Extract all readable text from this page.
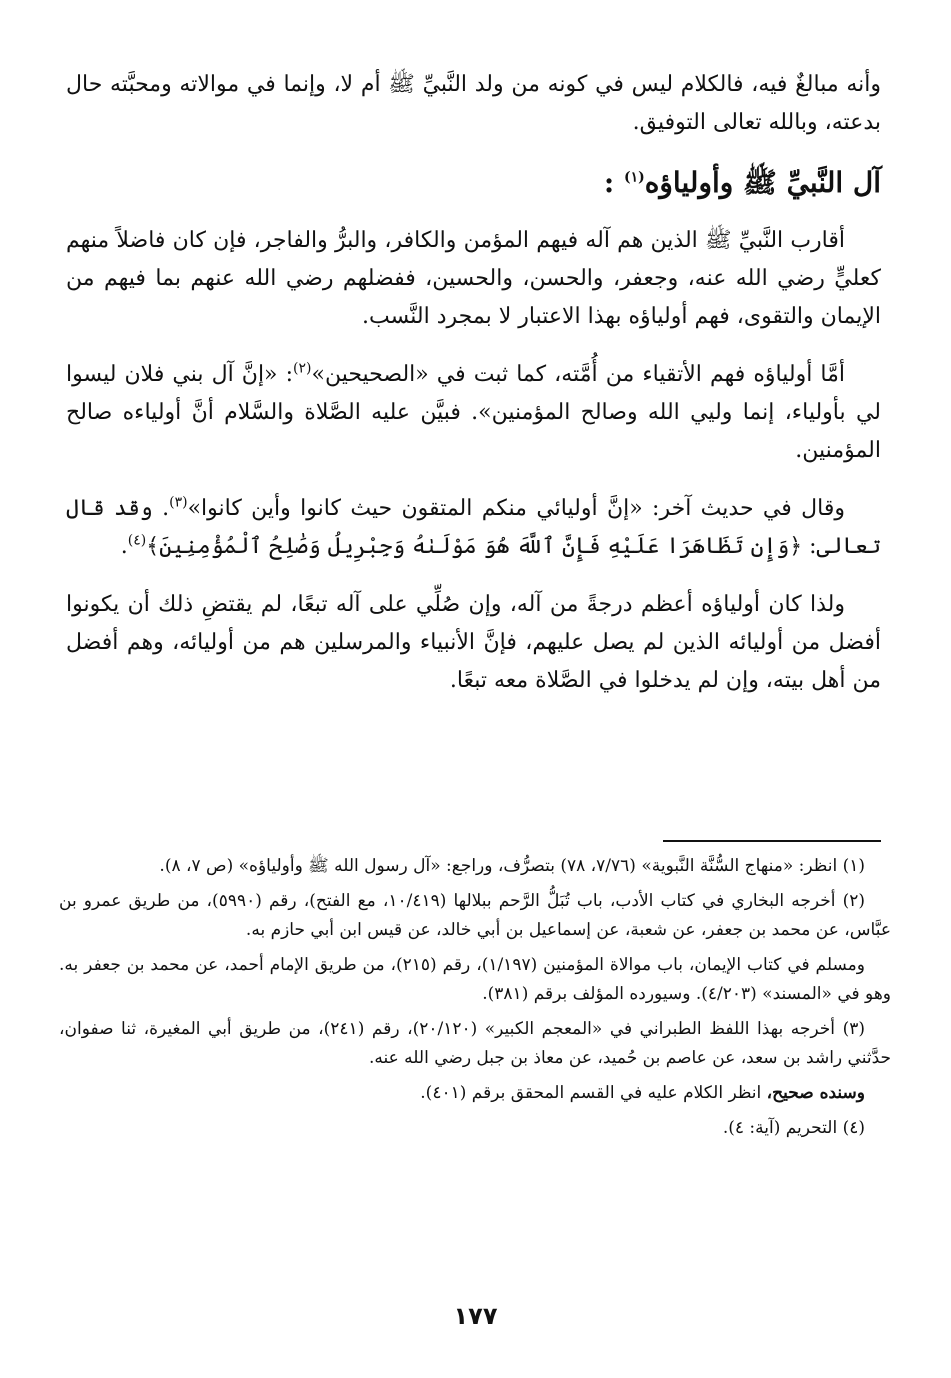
وأنه مبالغٌ فيه، فالكلام ليس في كونه من ولد النَّبيِّ ﷺ أم لا، وإنما في موالاته ومحبَّته حال بدعته، وبالله تعالى التوفيق.

آل النَّبيِّ ﷺ وأولياؤه$^{(١)}$ :

أقارب النَّبيِّ ﷺ الذين هم آله فيهم المؤمن والكافر، والبرُّ والفاجر، فإن كان فاضلاً منهم كعليٍّ رضي الله عنه، وجعفر، والحسن، والحسين، ففضلهم رضي الله عنهم بما فيهم من الإيمان والتقوى، فهم أولياؤه بهذا الاعتبار لا بمجرد النَّسب.

أمَّا أولياؤه فهم الأتقياء من أُمَّته، كما ثبت في «الصحيحين»$^{(٢)}$: «إنَّ آل بني فلان ليسوا لي بأولياء، إنما وليي الله وصالح المؤمنين». فبيَّن عليه الصَّلاة والسَّلام أنَّ أولياءه صالح المؤمنين.

وقال في حديث آخر: «إنَّ أوليائي منكم المتقون حيث كانوا وأين كانوا»$^{(٣)}$. وقد قال تعالى: ﴿وَإِن تَظَاهَرَا عَلَيْهِ فَإِنَّ ٱللَّهَ هُوَ مَوْلَىٰهُ وَجِبْرِيلُ وَصَٰلِحُ ٱلْمُؤْمِنِينَ﴾$^{(٤)}$.

ولذا كان أولياؤه أعظم درجةً من آله، وإن صُلِّي على آله تبعًا، لم يقتضِ ذلك أن يكونوا أفضل من أوليائه الذين لم يصل عليهم، فإنَّ الأنبياء والمرسلين هم من أوليائه، وهم أفضل من أهل بيته، وإن لم يدخلوا في الصَّلاة معه تبعًا.

(١) انظر: «منهاج السُّنَّة النَّبوية» (٧/٧٦، ٧٨) بتصرُّف، وراجع: «آل رسول الله ﷺ وأولياؤه» (ص ٧، ٨).

(٢) أخرجه البخاري في كتاب الأدب، باب تُبَلُّ الرَّحم ببلالها (١٠/٤١٩، مع الفتح)، رقم (٥٩٩٠)، من طريق عمرو بن عبَّاس، عن محمد بن جعفر، عن شعبة، عن إسماعيل بن أبي خالد، عن قيس ابن أبي حازم به.

ومسلم في كتاب الإيمان، باب موالاة المؤمنين (١/١٩٧)، رقم (٢١٥)، من طريق الإمام أحمد، عن محمد بن جعفر به. وهو في «المسند» (٤/٢٠٣). وسيورده المؤلف برقم (٣٨١).

(٣) أخرجه بهذا اللفظ الطبراني في «المعجم الكبير» (٢٠/١٢٠)، رقم (٢٤١)، من طريق أبي المغيرة، ثنا صفوان، حدَّثني راشد بن سعد، عن عاصم بن حُميد، عن معاذ بن جبل رضي الله عنه.

وسنده صحيح، انظر الكلام عليه في القسم المحقق برقم (٤٠١).

(٤) التحريم (آية: ٤).

١٧٧
